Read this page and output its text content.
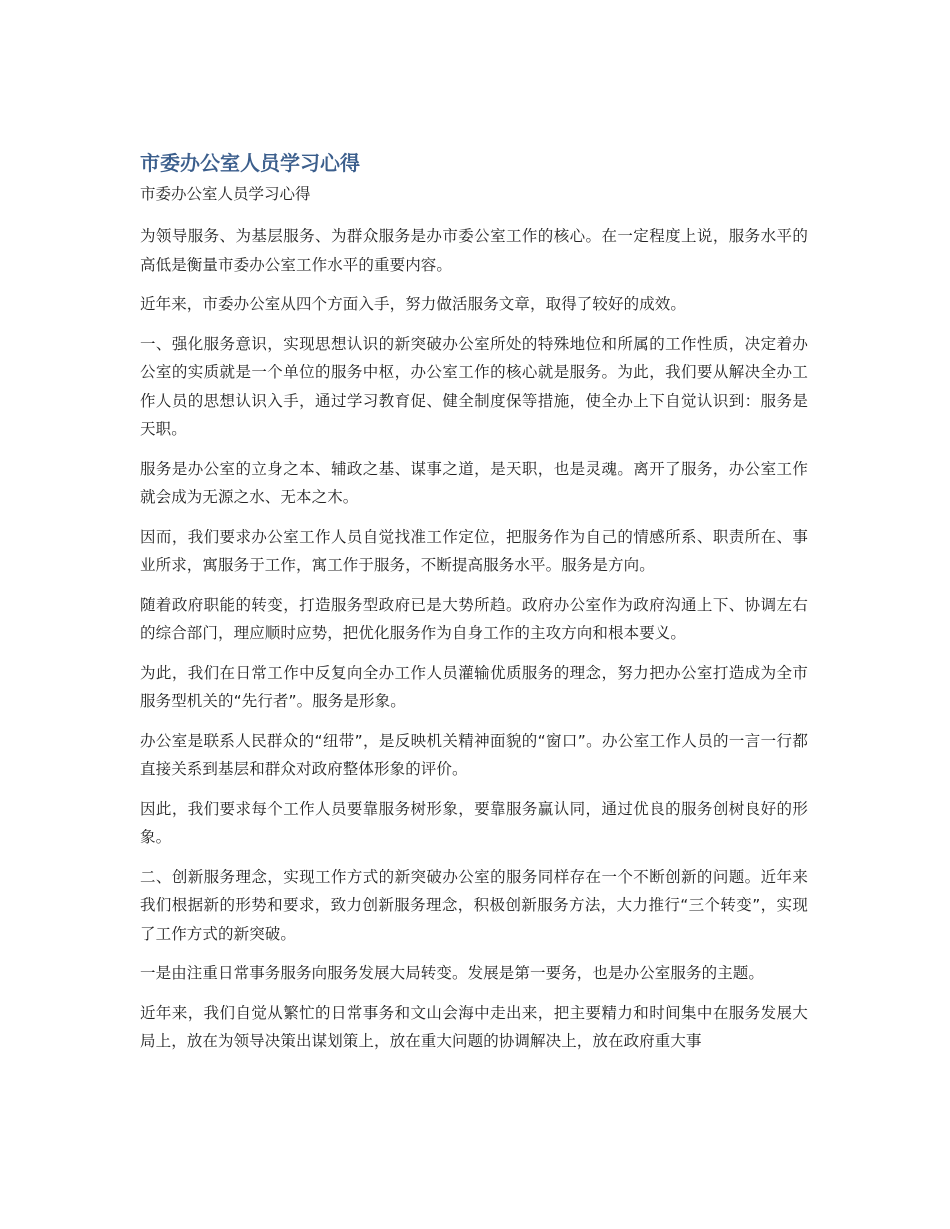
市委办公室人员学习心得
市委办公室人员学习心得

为领导服务、为基层服务、为群众服务是办市委公室工作的核心。在一定程度上说，服务水平的高低是衡量市委办公室工作水平的重要内容。

近年来，市委办公室从四个方面入手，努力做活服务文章，取得了较好的成效。

一、强化服务意识，实现思想认识的新突破办公室所处的特殊地位和所属的工作性质，决定着办公室的实质就是一个单位的服务中枢，办公室工作的核心就是服务。为此，我们要从解决全办工作人员的思想认识入手，通过学习教育促、健全制度保等措施，使全办上下自觉认识到：服务是天职。

服务是办公室的立身之本、辅政之基、谋事之道，是天职，也是灵魂。离开了服务，办公室工作就会成为无源之水、无本之木。

因而，我们要求办公室工作人员自觉找准工作定位，把服务作为自己的情感所系、职责所在、事业所求，寓服务于工作，寓工作于服务，不断提高服务水平。服务是方向。

随着政府职能的转变，打造服务型政府已是大势所趋。政府办公室作为政府沟通上下、协调左右的综合部门，理应顺时应势，把优化服务作为自身工作的主攻方向和根本要义。

为此，我们在日常工作中反复向全办工作人员灌输优质服务的理念，努力把办公室打造成为全市服务型机关的“先行者”。服务是形象。

办公室是联系人民群众的“纽带”，是反映机关精神面貌的“窗口”。办公室工作人员的一言一行都直接关系到基层和群众对政府整体形象的评价。

因此，我们要求每个工作人员要靠服务树形象，要靠服务赢认同，通过优良的服务创树良好的形象。

二、创新服务理念，实现工作方式的新突破办公室的服务同样存在一个不断创新的问题。近年来我们根据新的形势和要求，致力创新服务理念，积极创新服务方法，大力推行“三个转变”，实现了工作方式的新突破。

一是由注重日常事务服务向服务发展大局转变。发展是第一要务，也是办公室服务的主题。

近年来，我们自觉从繁忙的日常事务和文山会海中走出来，把主要精力和时间集中在服务发展大局上，放在为领导决策出谋划策上，放在重大问题的协调解决上，放在政府重大事
